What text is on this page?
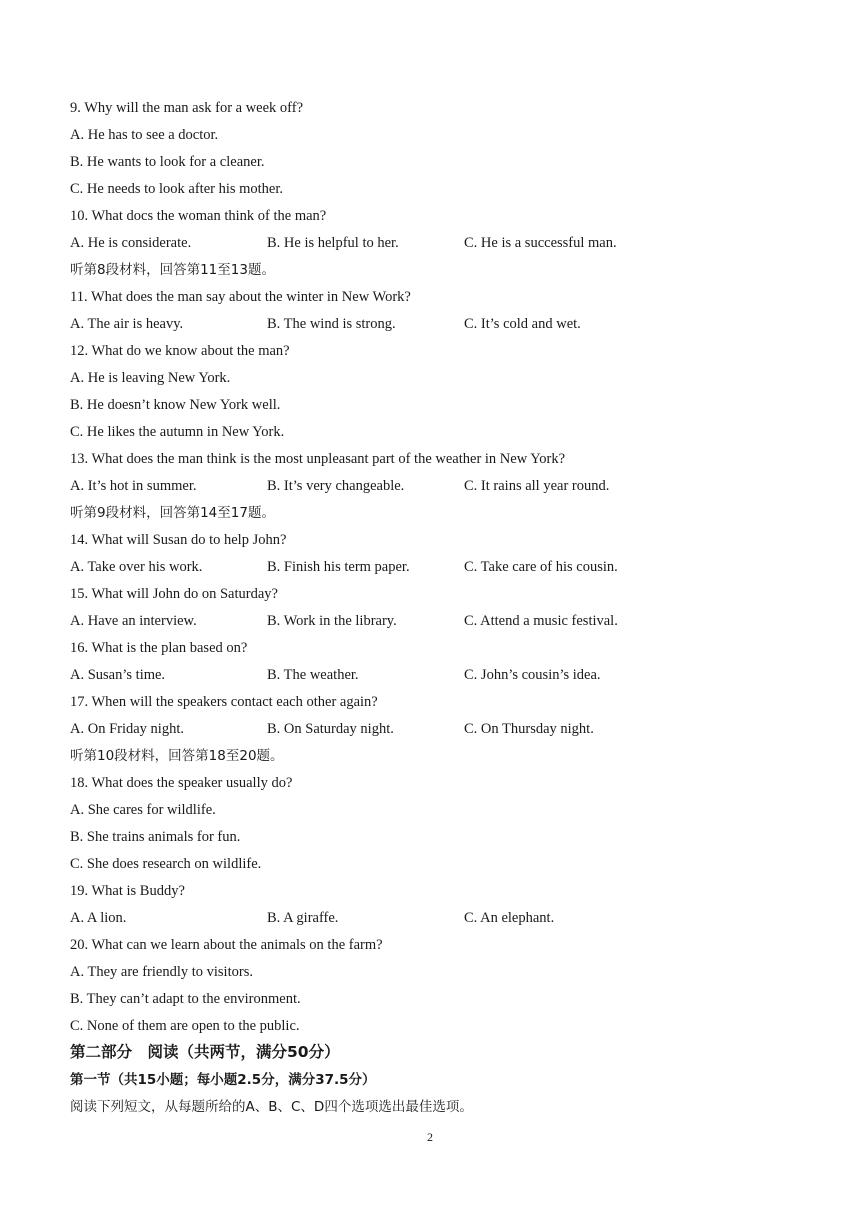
2
9. Why will the man ask for a week off?
A. He has to see a doctor.
B. He wants to look for a cleaner.
C. He needs to look after his mother.
10. What docs the woman think of the man?
A. He is considerate.	B. He is helpful to her.	C. He is a successful man.
听第8段材料，回答第11至13题。
11. What does the man say about the winter in New Work?
A. The air is heavy.	B. The wind is strong.	C. It’s cold and wet.
12. What do we know about the man?
A. He is leaving New York.
B. He doesn’t know New York well.
C. He likes the autumn in New York.
13. What does the man think is the most unpleasant part of the weather in New York?
A. It’s hot in summer.	B. It’s very changeable.	C. It rains all year round.
听第9段材料，回答第14至17题。
14. What will Susan do to help John?
A. Take over his work.	B. Finish his term paper.	C. Take care of his cousin.
15. What will John do on Saturday?
A. Have an interview.	B. Work in the library.	C. Attend a music festival.
16. What is the plan based on?
A. Susan’s time.	B. The weather.	C. John’s cousin’s idea.
17. When will the speakers contact each other again?
A. On Friday night.	B. On Saturday night.	C. On Thursday night.
听第10段材料，回答第18至20题。
18. What does the speaker usually do?
A. She cares for wildlife.
B. She trains animals for fun.
C. She does research on wildlife.
19. What is Buddy?
A. A lion.	B. A giraffe.	C. An elephant.
20. What can we learn about the animals on the farm?
A. They are friendly to visitors.
B. They can’t adapt to the environment.
C. None of them are open to the public.
第二部分　阅读（共两节，满分50分）
第一节（共15小题；每小题2.5分，满分37.5分）
阅读下列短文，从每题所给的A、B、C、D四个选项选出最佳选项。
